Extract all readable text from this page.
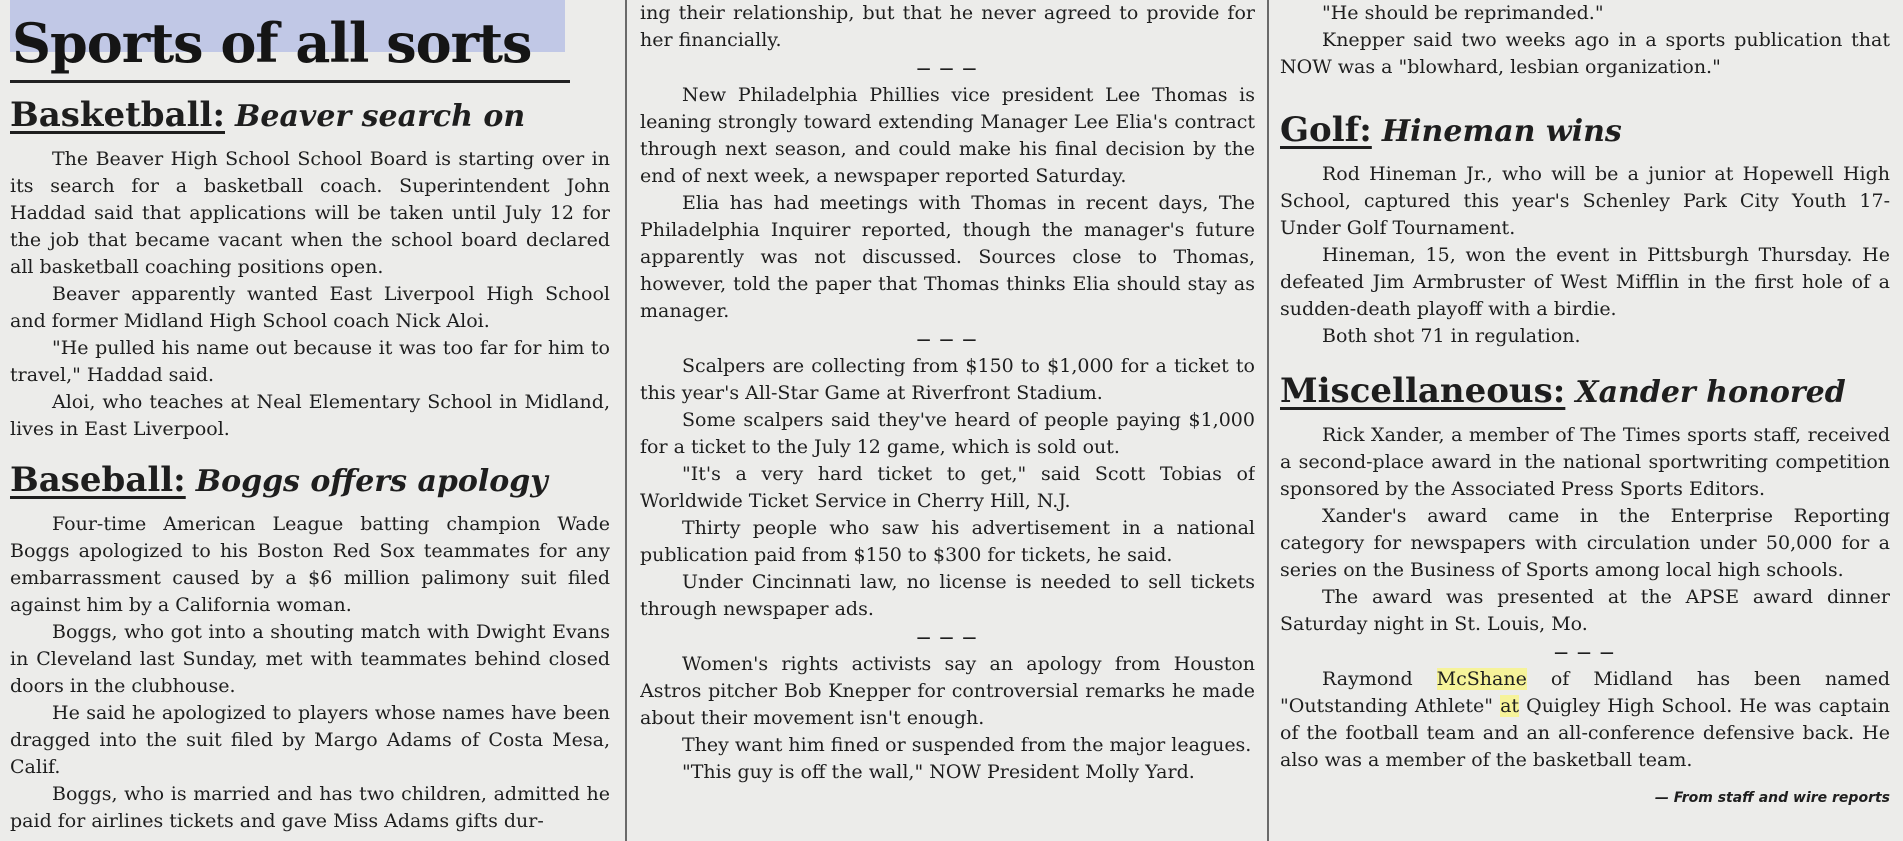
Sports of all sorts
Basketball: Beaver search on

The Beaver High School School Board is starting over in its search for a basketball coach. Superintendent John Haddad said that applications will be taken until July 12 for the job that became vacant when the school board declared all basketball coaching positions open.

Beaver apparently wanted East Liverpool High School and former Midland High School coach Nick Aloi.

"He pulled his name out because it was too far for him to travel," Haddad said.

Aloi, who teaches at Neal Elementary School in Midland, lives in East Liverpool.

Baseball: Boggs offers apology

Four-time American League batting champion Wade Boggs apologized to his Boston Red Sox teammates for any embarrassment caused by a $6 million palimony suit filed against him by a California woman.

Boggs, who got into a shouting match with Dwight Evans in Cleveland last Sunday, met with teammates behind closed doors in the clubhouse.

He said he apologized to players whose names have been dragged into the suit filed by Margo Adams of Costa Mesa, Calif.

Boggs, who is married and has two children, admitted he paid for airlines tickets and gave Miss Adams gifts dur-

ing their relationship, but that he never agreed to provide for her financially.

— — —

New Philadelphia Phillies vice president Lee Thomas is leaning strongly toward extending Manager Lee Elia's contract through next season, and could make his final decision by the end of next week, a newspaper reported Saturday.

Elia has had meetings with Thomas in recent days, The Philadelphia Inquirer reported, though the manager's future apparently was not discussed. Sources close to Thomas, however, told the paper that Thomas thinks Elia should stay as manager.

— — —

Scalpers are collecting from $150 to $1,000 for a ticket to this year's All-Star Game at Riverfront Stadium.

Some scalpers said they've heard of people paying $1,000 for a ticket to the July 12 game, which is sold out.

"It's a very hard ticket to get," said Scott Tobias of Worldwide Ticket Service in Cherry Hill, N.J.

Thirty people who saw his advertisement in a national publication paid from $150 to $300 for tickets, he said.

Under Cincinnati law, no license is needed to sell tickets through newspaper ads.

— — —

Women's rights activists say an apology from Houston Astros pitcher Bob Knepper for controversial remarks he made about their movement isn't enough.

They want him fined or suspended from the major leagues.

"This guy is off the wall," NOW President Molly Yard.

"He should be reprimanded."

Knepper said two weeks ago in a sports publication that NOW was a "blowhard, lesbian organization."

Golf: Hineman wins

Rod Hineman Jr., who will be a junior at Hopewell High School, captured this year's Schenley Park City Youth 17-Under Golf Tournament.

Hineman, 15, won the event in Pittsburgh Thursday. He defeated Jim Armbruster of West Mifflin in the first hole of a sudden-death playoff with a birdie.

Both shot 71 in regulation.

Miscellaneous: Xander honored

Rick Xander, a member of The Times sports staff, received a second-place award in the national sportwriting competition sponsored by the Associated Press Sports Editors.

Xander's award came in the Enterprise Reporting category for newspapers with circulation under 50,000 for a series on the Business of Sports among local high schools.

The award was presented at the APSE award dinner Saturday night in St. Louis, Mo.

— — —

Raymond McShane of Midland has been named "Outstanding Athlete" at Quigley High School. He was captain of the football team and an all-conference defensive back. He also was a member of the basketball team.

— From staff and wire reports
